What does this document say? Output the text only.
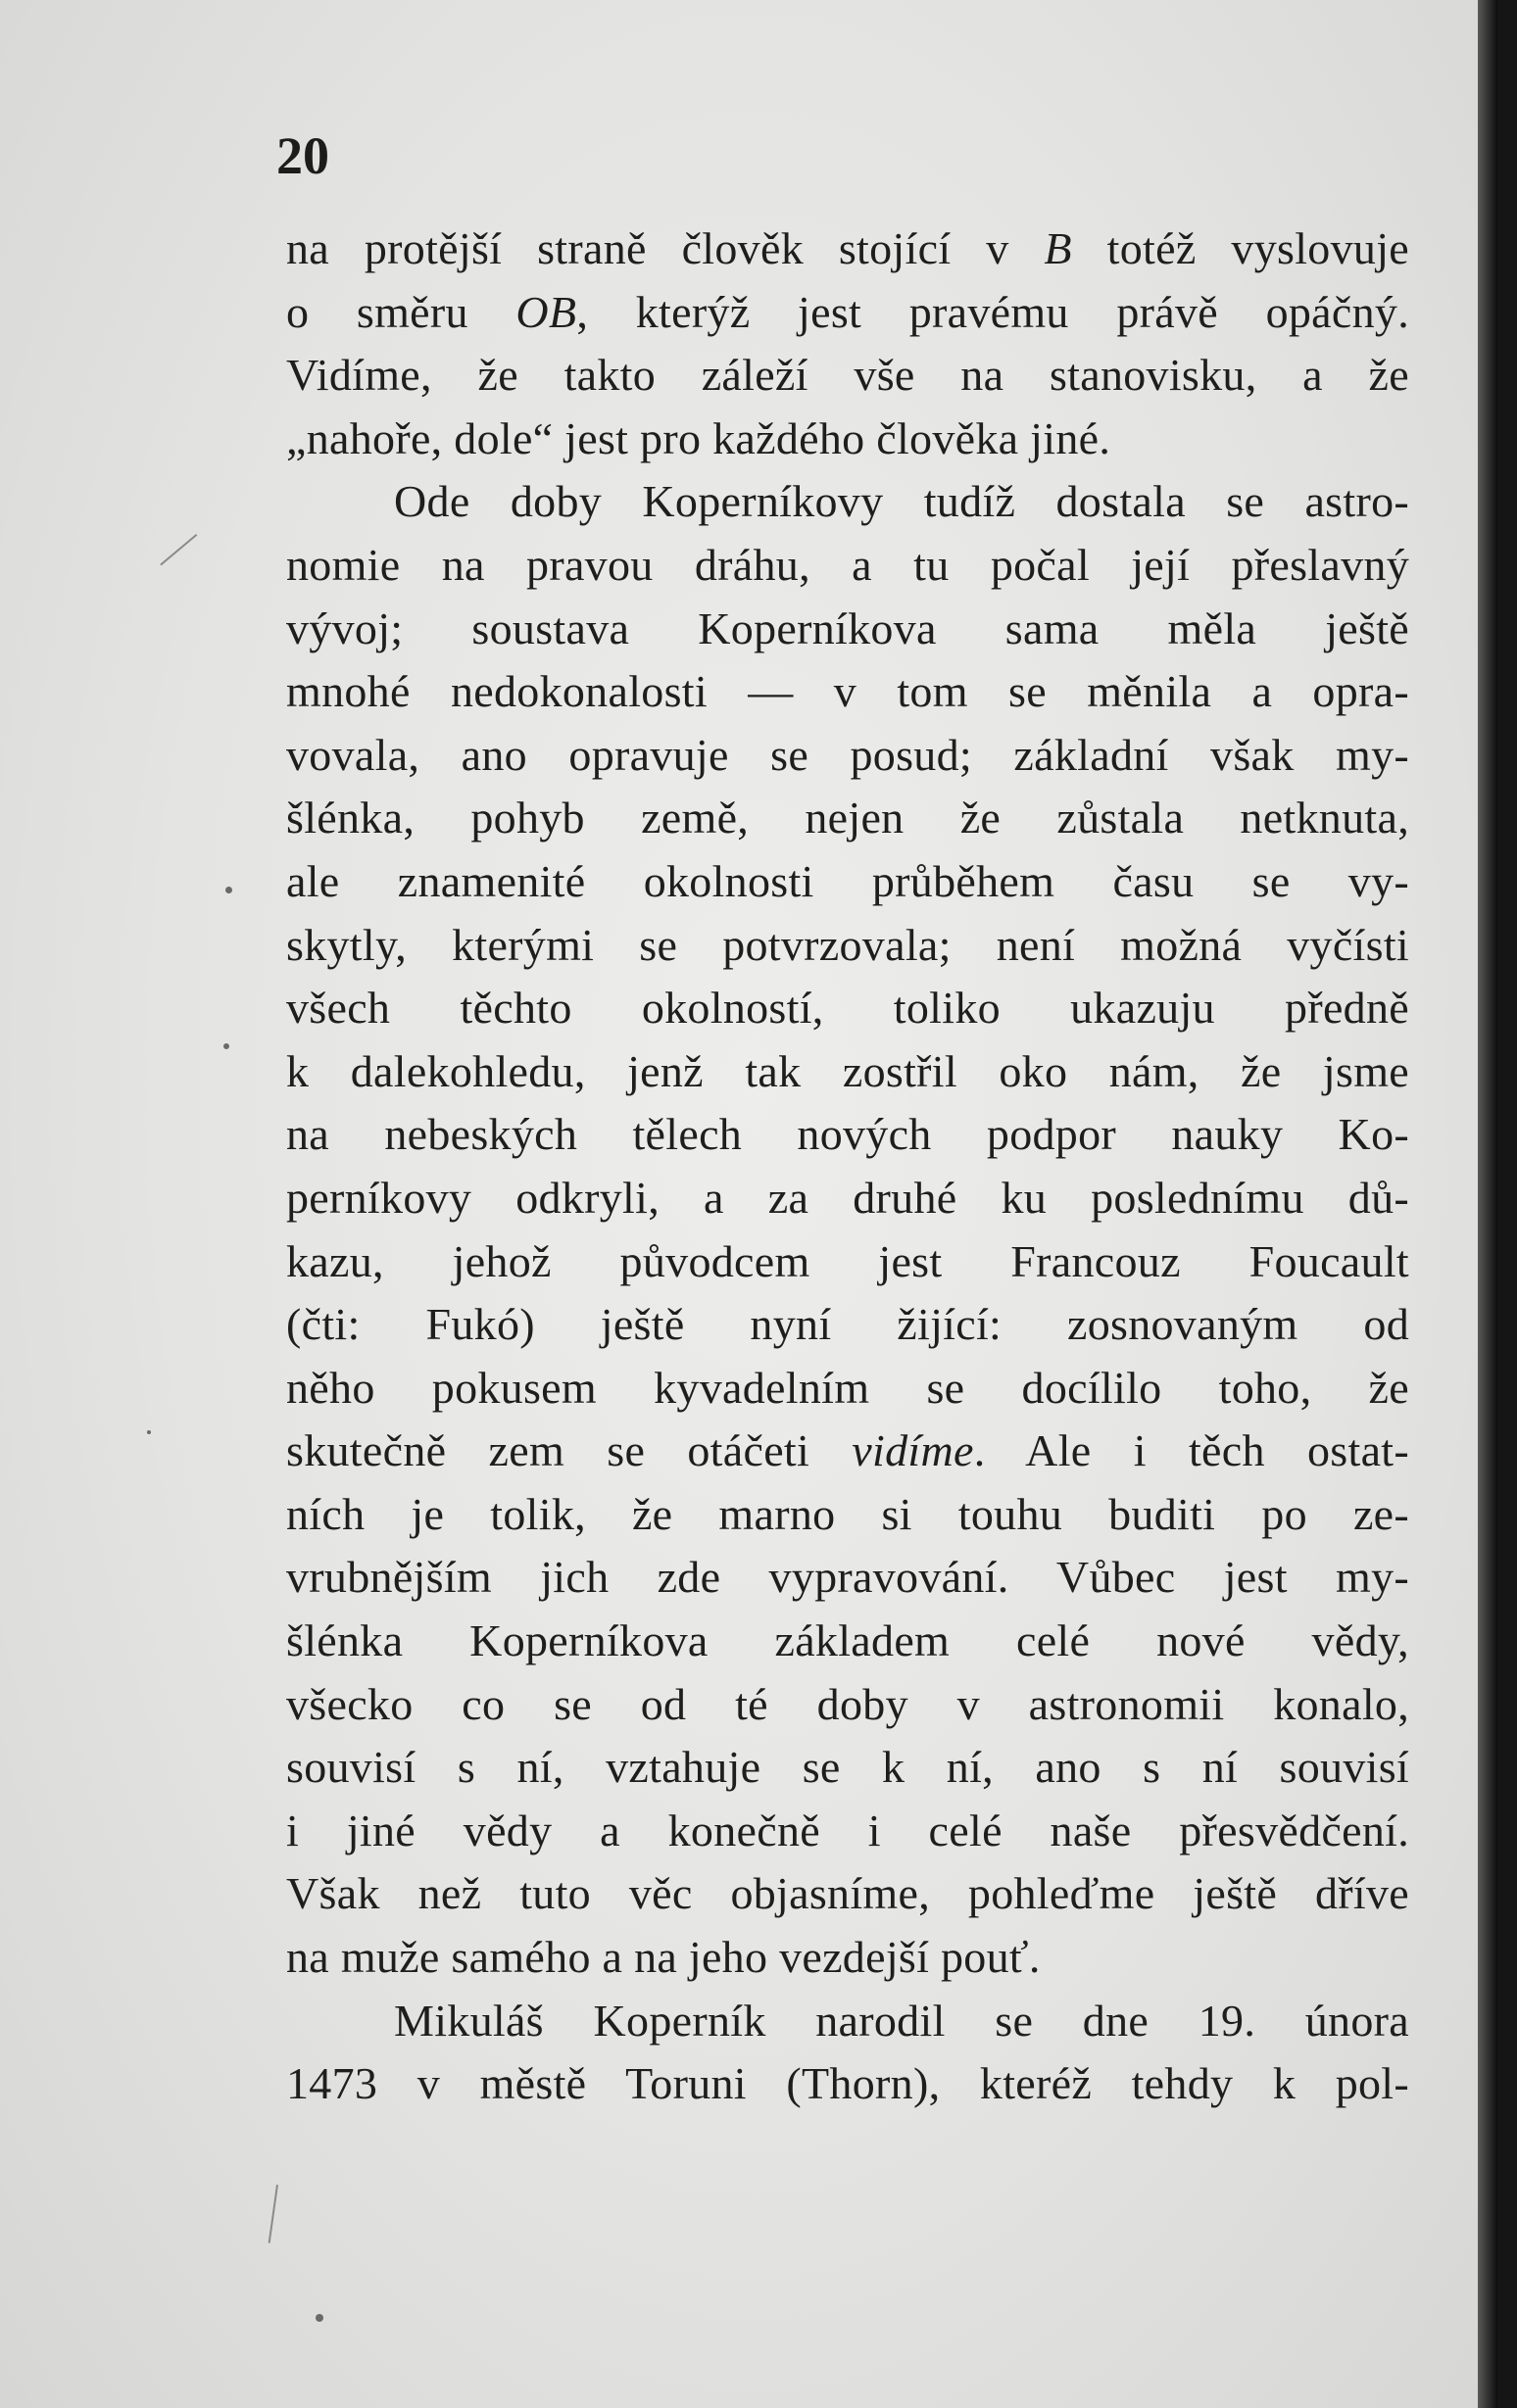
20
na protější straně člověk stojící v B totéž vyslovuje
o směru OB, kterýž jest pravému právě opáčný.
Vidíme, že takto záleží vše na stanovisku, a že
„nahoře, dole“ jest pro každého člověka jiné.
Ode doby Koperníkovy tudíž dostala se astro-
nomie na pravou dráhu, a tu počal její přeslavný
vývoj; soustava Koperníkova sama měla ještě
mnohé nedokonalosti — v tom se měnila a opra-
vovala, ano opravuje se posud; základní však my-
šlénka, pohyb země, nejen že zůstala netknuta,
ale znamenité okolnosti průběhem času se vy-
skytly, kterými se potvrzovala; není možná vyčísti
všech těchto okolností, toliko ukazuju předně
k dalekohledu, jenž tak zostřil oko nám, že jsme
na nebeských tělech nových podpor nauky Ko-
perníkovy odkryli, a za druhé ku poslednímu dů-
kazu, jehož původcem jest Francouz Foucault
(čti: Fukó) ještě nyní žijící: zosnovaným od
něho pokusem kyvadelním se docílilo toho, že
skutečně zem se otáčeti vidíme. Ale i těch ostat-
ních je tolik, že marno si touhu buditi po ze-
vrubnějším jich zde vypravování. Vůbec jest my-
šlénka Koperníkova základem celé nové vědy,
všecko co se od té doby v astronomii konalo,
souvisí s ní, vztahuje se k ní, ano s ní souvisí
i jiné vědy a konečně i celé naše přesvědčení.
Však než tuto věc objasníme, pohleďme ještě dříve
na muže samého a na jeho vezdejší pouť.
Mikuláš Koperník narodil se dne 19. února
1473 v městě Toruni (Thorn), kteréž tehdy k pol-
